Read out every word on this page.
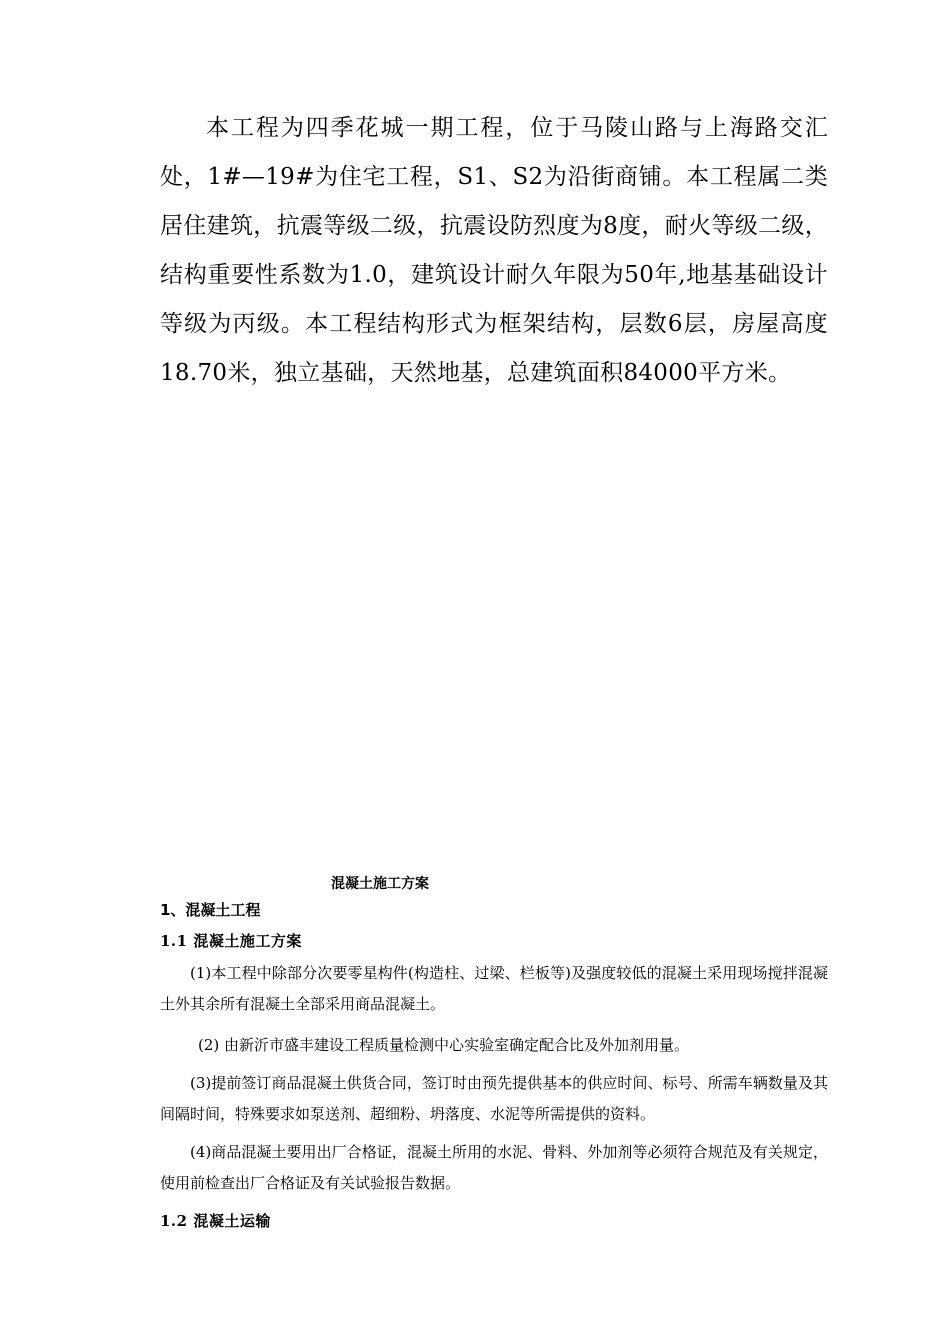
本工程为四季花城一期工程，位于马陵山路与上海路交汇处，1#—19#为住宅工程，S1、S2为沿街商铺。本工程属二类居住建筑，抗震等级二级，抗震设防烈度为8度，耐火等级二级，结构重要性系数为1.0，建筑设计耐久年限为50年,地基基础设计等级为丙级。本工程结构形式为框架结构，层数6层，房屋高度18.70米，独立基础，天然地基，总建筑面积84000平方米。

混凝土施工方案
1、混凝土工程
1.1 混凝土施工方案

(1)本工程中除部分次要零星构件(构造柱、过梁、栏板等)及强度较低的混凝土采用现场搅拌混凝土外其余所有混凝土全部采用商品混凝土。

(2) 由新沂市盛丰建设工程质量检测中心实验室确定配合比及外加剂用量。

(3)提前签订商品混凝土供货合同，签订时由预先提供基本的供应时间、标号、所需车辆数量及其间隔时间，特殊要求如泵送剂、超细粉、坍落度、水泥等所需提供的资料。

(4)商品混凝土要用出厂合格证，混凝土所用的水泥、骨料、外加剂等必须符合规范及有关规定，使用前检查出厂合格证及有关试验报告数据。

1.2 混凝土运输
